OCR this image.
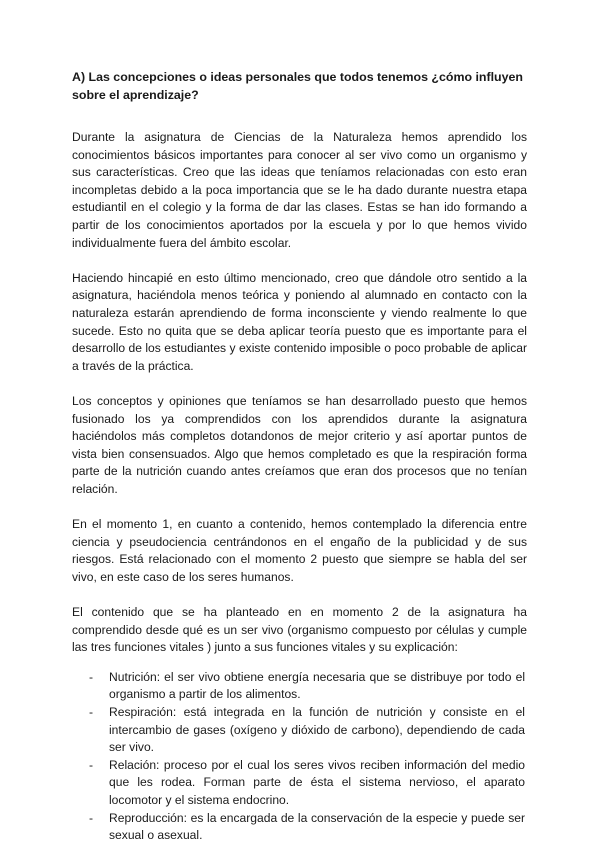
A) Las concepciones o ideas personales que todos tenemos ¿cómo influyen sobre el aprendizaje?

Durante la asignatura de Ciencias de la Naturaleza hemos aprendido los conocimientos básicos importantes para conocer al ser vivo como un organismo y sus características. Creo que las ideas que teníamos relacionadas con esto eran incompletas debido a la poca importancia que se le ha dado durante nuestra etapa estudiantil en el colegio y la forma de dar las clases. Estas se han ido formando a partir de los conocimientos aportados por la escuela y por lo que hemos vivido individualmente fuera del ámbito escolar.

Haciendo hincapié en esto último mencionado, creo que dándole otro sentido a la asignatura, haciéndola menos teórica y poniendo al alumnado en contacto con la naturaleza estarán aprendiendo de forma inconsciente y viendo realmente lo que sucede. Esto no quita que se deba aplicar teoría puesto que es importante para el desarrollo de los estudiantes y existe contenido imposible o poco probable de aplicar a través de la práctica.

Los conceptos y opiniones que teníamos se han desarrollado puesto que hemos fusionado los ya comprendidos con los aprendidos durante la asignatura haciéndolos más completos dotandonos de mejor criterio y así aportar puntos de vista bien consensuados. Algo que hemos completado es que la respiración forma parte de la nutrición cuando antes creíamos que eran dos procesos que no tenían relación.

En el momento 1, en cuanto a contenido, hemos contemplado la diferencia entre ciencia y pseudociencia centrándonos en el engaño de la publicidad y de sus riesgos. Está relacionado con el momento 2 puesto que siempre se habla del ser vivo, en este caso de los seres humanos.

El contenido que se ha planteado en en momento 2 de la asignatura ha comprendido desde qué es un ser vivo (organismo compuesto por células y cumple las tres funciones vitales ) junto a sus funciones vitales y su explicación:

- Nutrición: el ser vivo obtiene energía necesaria que se distribuye por todo el organismo a partir de los alimentos.
- Respiración: está integrada en la función de nutrición y consiste en el intercambio de gases (oxígeno y dióxido de carbono), dependiendo de cada ser vivo.
- Relación: proceso por el cual los seres vivos reciben información del medio que les rodea. Forman parte de ésta el sistema nervioso, el aparato locomotor y el sistema endocrino.
- Reproducción: es la encargada de la conservación de la especie y puede ser sexual o asexual.
